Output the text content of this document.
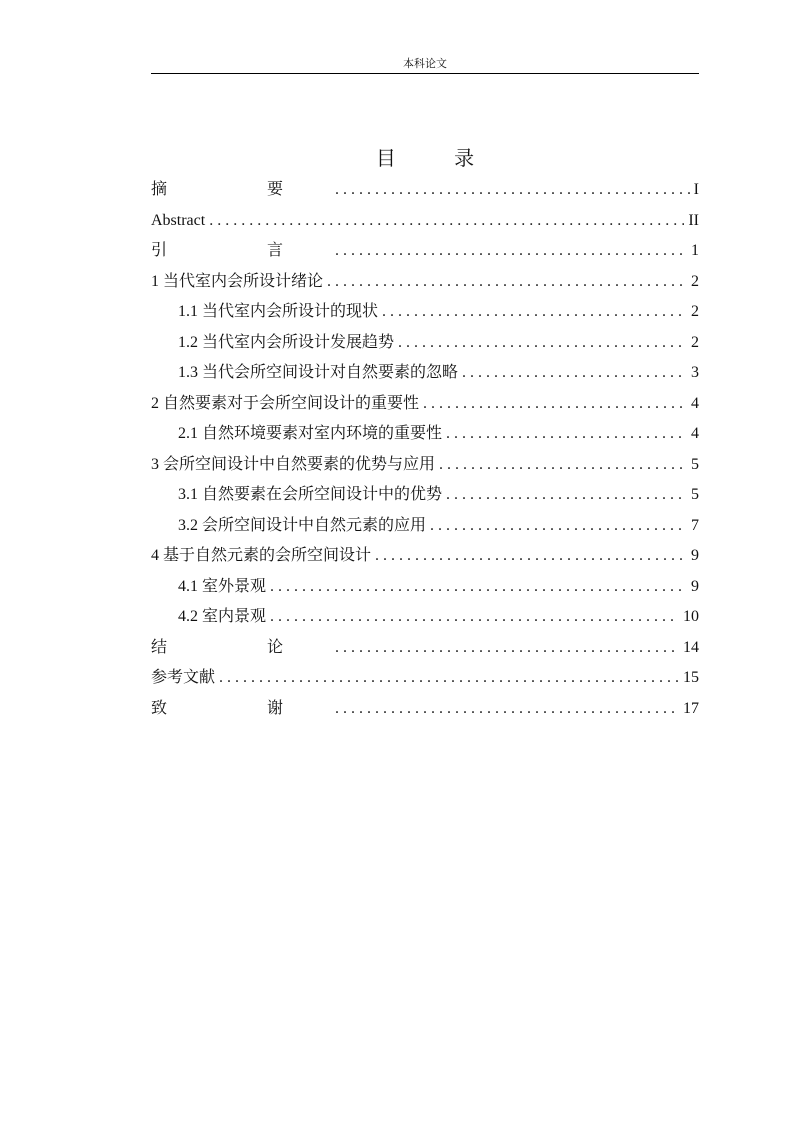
本科论文
目 录
摘 要 . . .	I
Abstract . . .	II
引 言 . . .	1
1 当代室内会所设计绪论 . . .	2
1.1 当代室内会所设计的现状 . . .	2
1.2 当代室内会所设计发展趋势 . . .	2
1.3 当代会所空间设计对自然要素的忽略 . . .	3
2 自然要素对于会所空间设计的重要性 . . .	4
2.1 自然环境要素对室内环境的重要性 . . .	4
3 会所空间设计中自然要素的优势与应用 . . .	5
3.1 自然要素在会所空间设计中的优势 . . .	5
3.2 会所空间设计中自然元素的应用 . . .	7
4 基于自然元素的会所空间设计 . . .	9
4.1 室外景观 . . .	9
4.2 室内景观 . . .	10
结 论 . . .	14
参考文献 . . .	15
致 谢 . . .	17
